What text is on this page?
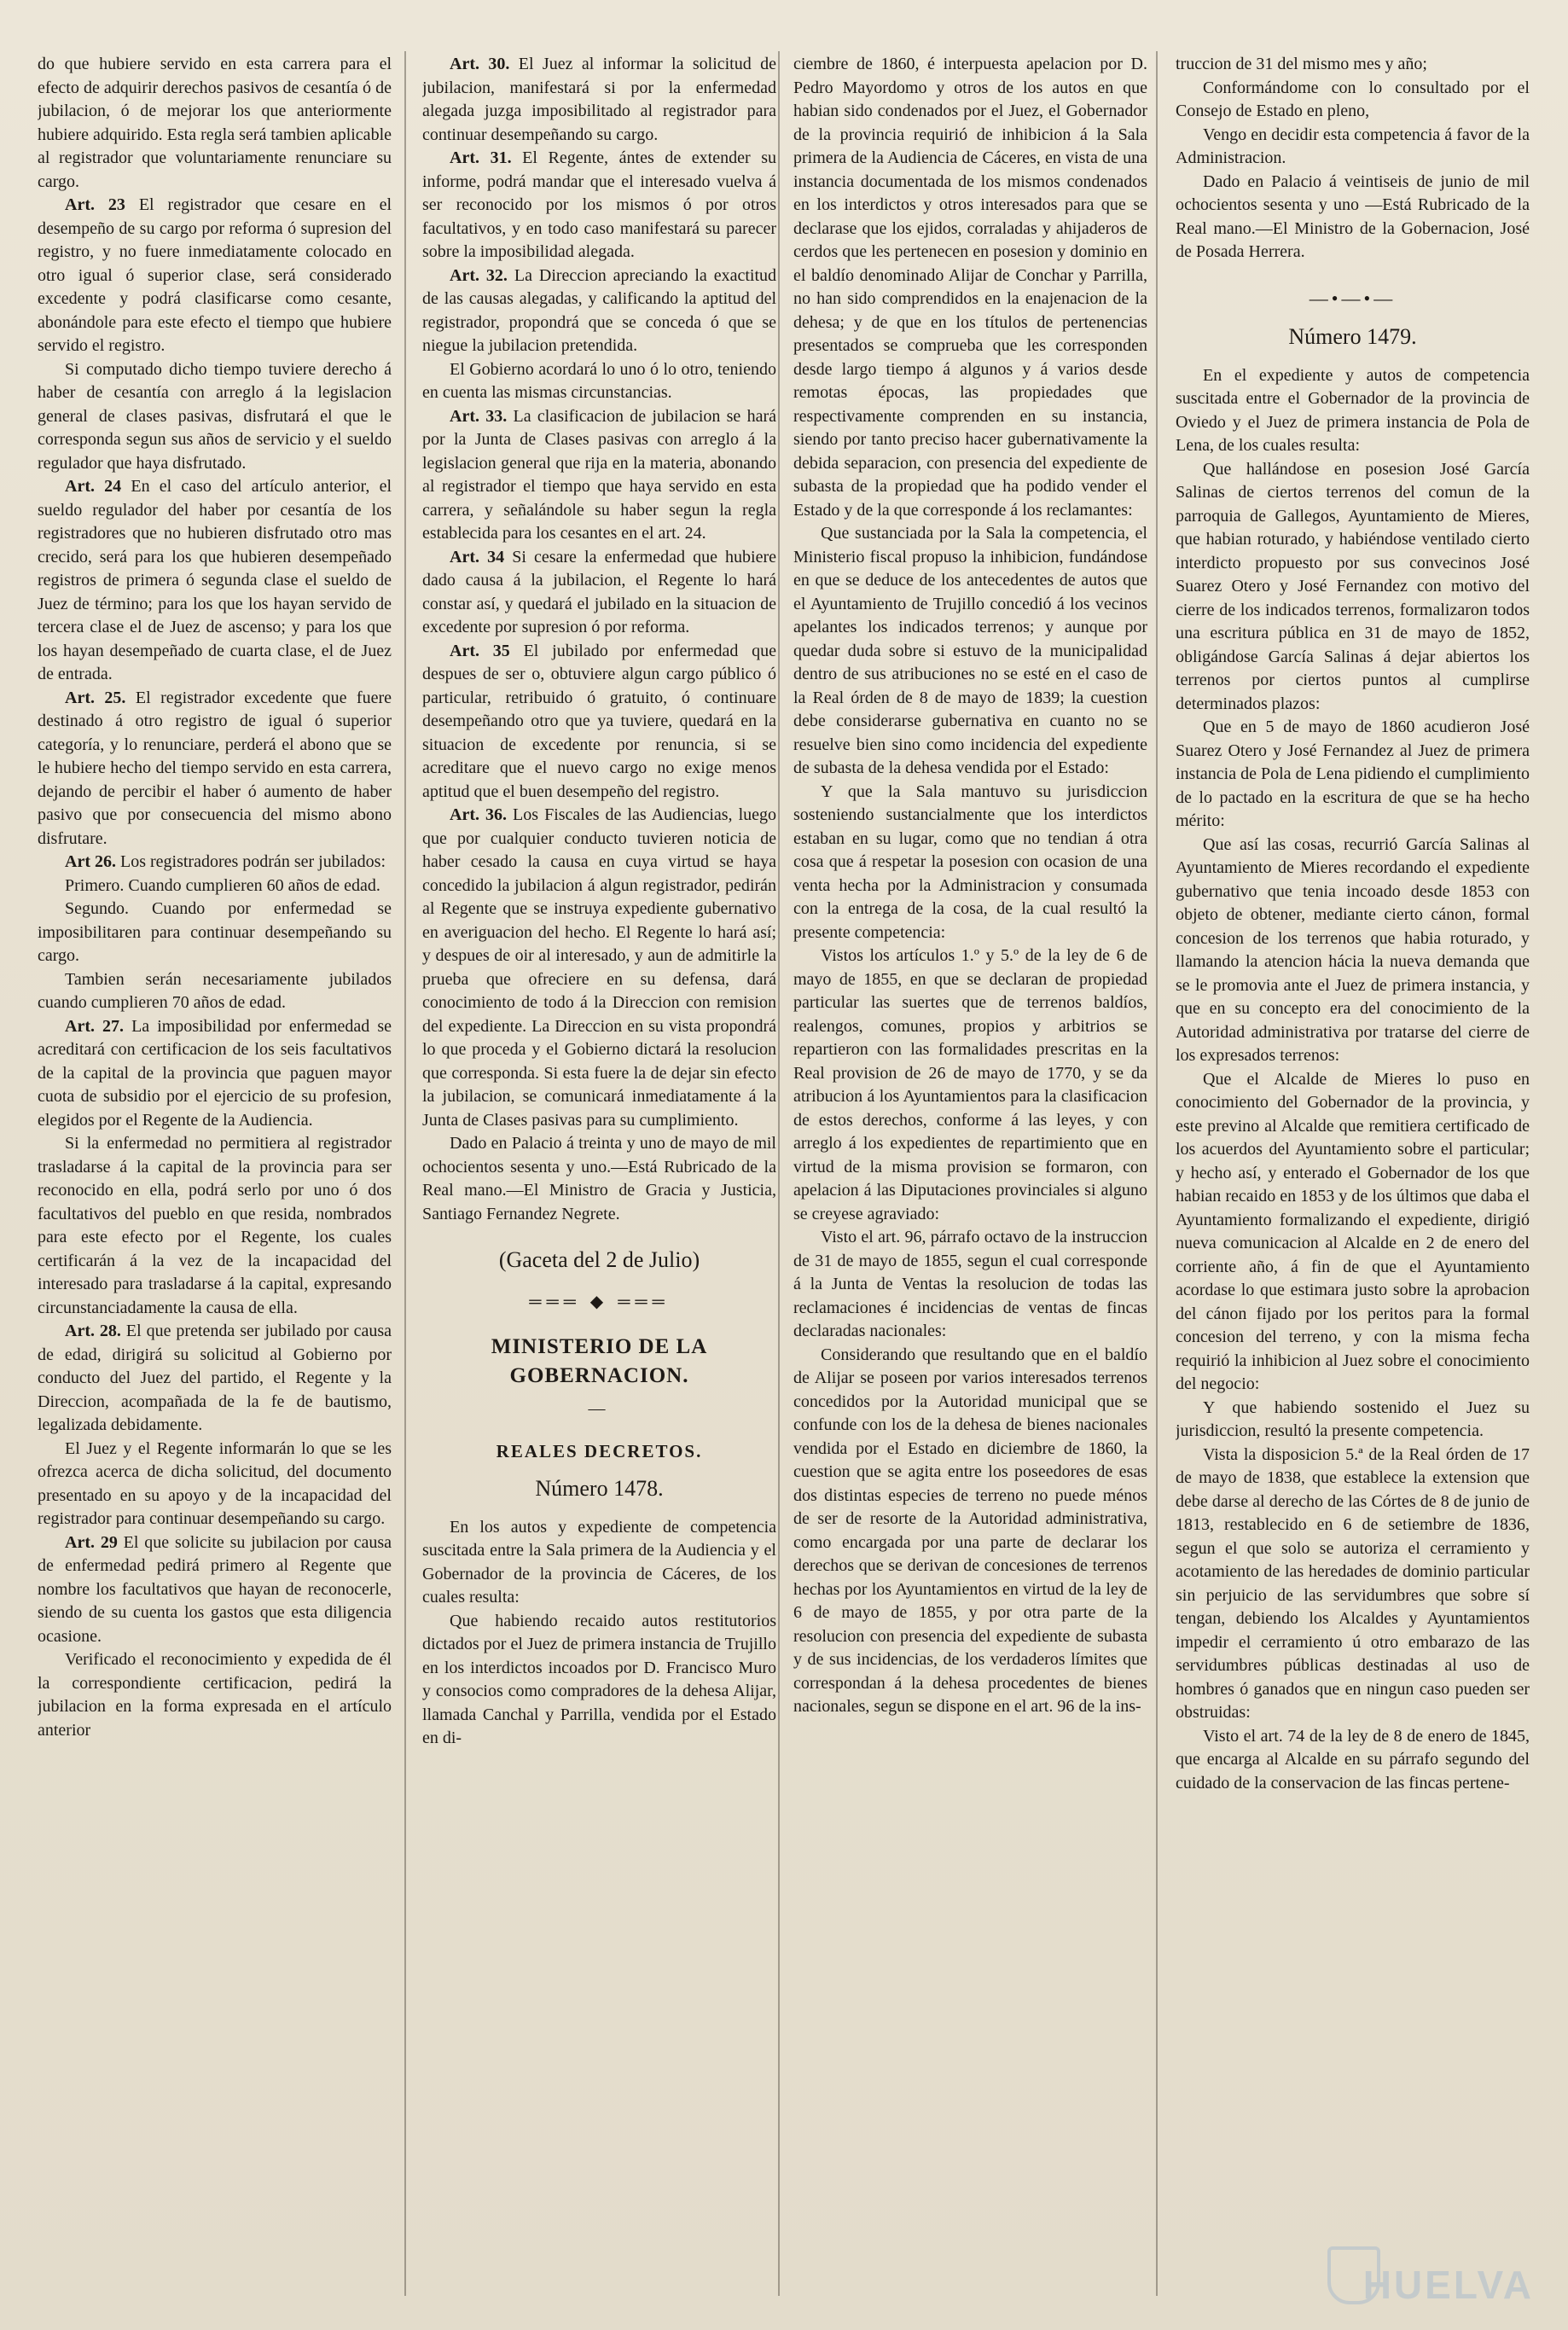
do que hubiere servido en esta carrera para el efecto de adquirir derechos pasivos de cesantía ó de jubilacion, ó de mejorar los que anteriormente hubiere adquirido. Esta regla será tambien aplicable al registrador que voluntariamente renunciare su cargo.

Art. 23 El registrador que cesare en el desempeño de su cargo por reforma ó supresion del registro, y no fuere inmediatamente colocado en otro igual ó superior clase, será considerado excedente y podrá clasificarse como cesante, abonándole para este efecto el tiempo que hubiere servido el registro.

Si computado dicho tiempo tuviere derecho á haber de cesantía con arreglo á la legislacion general de clases pasivas, disfrutará el que le corresponda segun sus años de servicio y el sueldo regulador que haya disfrutado.

Art. 24 En el caso del artículo anterior, el sueldo regulador del haber por cesantía de los registradores que no hubieren disfrutado otro mas crecido, será para los que hubieren desempeñado registros de primera ó segunda clase el sueldo de Juez de término; para los que los hayan servido de tercera clase el de Juez de ascenso; y para los que los hayan desempeñado de cuarta clase, el de Juez de entrada.

Art. 25. El registrador excedente que fuere destinado á otro registro de igual ó superior categoría, y lo renunciare, perderá el abono que se le hubiere hecho del tiempo servido en esta carrera, dejando de percibir el haber ó aumento de haber pasivo que por consecuencia del mismo abono disfrutare.

Art 26. Los registradores podrán ser jubilados:

Primero. Cuando cumplieren 60 años de edad.

Segundo. Cuando por enfermedad se imposibilitaren para continuar desempeñando su cargo.

Tambien serán necesariamente jubilados cuando cumplieren 70 años de edad.

Art. 27. La imposibilidad por enfermedad se acreditará con certificacion de los seis facultativos de la capital de la provincia que paguen mayor cuota de subsidio por el ejercicio de su profesion, elegidos por el Regente de la Audiencia.

Si la enfermedad no permitiera al registrador trasladarse á la capital de la provincia para ser reconocido en ella, podrá serlo por uno ó dos facultativos del pueblo en que resida, nombrados para este efecto por el Regente, los cuales certificarán á la vez de la incapacidad del interesado para trasladarse á la capital, expresando circunstanciadamente la causa de ella.

Art. 28. El que pretenda ser jubilado por causa de edad, dirigirá su solicitud al Gobierno por conducto del Juez del partido, el Regente y la Direccion, acompañada de la fe de bautismo, legalizada debidamente.

El Juez y el Regente informarán lo que se les ofrezca acerca de dicha solicitud, del documento presentado en su apoyo y de la incapacidad del registrador para continuar desempeñando su cargo.

Art. 29 El que solicite su jubilacion por causa de enfermedad pedirá primero al Regente que nombre los facultativos que hayan de reconocerle, siendo de su cuenta los gastos que esta diligencia ocasione.

Verificado el reconocimiento y expedida de él la correspondiente certificacion, pedirá la jubilacion en la forma expresada en el artículo anterior

Art. 30. El Juez al informar la solicitud de jubilacion, manifestará si por la enfermedad alegada juzga imposibilitado al registrador para continuar desempeñando su cargo.

Art. 31. El Regente, ántes de extender su informe, podrá mandar que el interesado vuelva á ser reconocido por los mismos ó por otros facultativos, y en todo caso manifestará su parecer sobre la imposibilidad alegada.

Art. 32. La Direccion apreciando la exactitud de las causas alegadas, y calificando la aptitud del registrador, propondrá que se conceda ó que se niegue la jubilacion pretendida.

El Gobierno acordará lo uno ó lo otro, teniendo en cuenta las mismas circunstancias.

Art. 33. La clasificacion de jubilacion se hará por la Junta de Clases pasivas con arreglo á la legislacion general que rija en la materia, abonando al registrador el tiempo que haya servido en esta carrera, y señalándole su haber segun la regla establecida para los cesantes en el art. 24.

Art. 34 Si cesare la enfermedad que hubiere dado causa á la jubilacion, el Regente lo hará constar así, y quedará el jubilado en la situacion de excedente por supresion ó por reforma.

Art. 35 El jubilado por enfermedad que despues de ser o, obtuviere algun cargo público ó particular, retribuido ó gratuito, ó continuare desempeñando otro que ya tuviere, quedará en la situacion de excedente por renuncia, si se acreditare que el nuevo cargo no exige menos aptitud que el buen desempeño del registro.

Art. 36. Los Fiscales de las Audiencias, luego que por cualquier conducto tuvieren noticia de haber cesado la causa en cuya virtud se haya concedido la jubilacion á algun registrador, pedirán al Regente que se instruya expediente gubernativo en averiguacion del hecho. El Regente lo hará así; y despues de oir al interesado, y aun de admitirle la prueba que ofreciere en su defensa, dará conocimiento de todo á la Direccion con remision del expediente. La Direccion en su vista propondrá lo que proceda y el Gobierno dictará la resolucion que corresponda. Si esta fuere la de dejar sin efecto la jubilacion, se comunicará inmediatamente á la Junta de Clases pasivas para su cumplimiento.

Dado en Palacio á treinta y uno de mayo de mil ochocientos sesenta y uno.—Está Rubricado de la Real mano.—El Ministro de Gracia y Justicia, Santiago Fernandez Negrete.

(Gaceta del 2 de Julio)

═══ ◆ ═══

MINISTERIO DE LA GOBERNACION.

—

REALES DECRETOS.

Número 1478.

En los autos y expediente de competencia suscitada entre la Sala primera de la Audiencia y el Gobernador de la provincia de Cáceres, de los cuales resulta:

Que habiendo recaido autos restitutorios dictados por el Juez de primera instancia de Trujillo en los interdictos incoados por D. Francisco Muro y consocios como compradores de la dehesa Alijar, llamada Canchal y Parrilla, vendida por el Estado en di-

ciembre de 1860, é interpuesta apelacion por D. Pedro Mayordomo y otros de los autos en que habian sido condenados por el Juez, el Gobernador de la provincia requirió de inhibicion á la Sala primera de la Audiencia de Cáceres, en vista de una instancia documentada de los mismos condenados en los interdictos y otros interesados para que se declarase que los ejidos, corraladas y ahijaderos de cerdos que les pertenecen en posesion y dominio en el baldío denominado Alijar de Conchar y Parrilla, no han sido comprendidos en la enajenacion de la dehesa; y de que en los títulos de pertenencias presentados se comprueba que les corresponden desde largo tiempo á algunos y á varios desde remotas épocas, las propiedades que respectivamente comprenden en su instancia, siendo por tanto preciso hacer gubernativamente la debida separacion, con presencia del expediente de subasta de la propiedad que ha podido vender el Estado y de la que corresponde á los reclamantes:

Que sustanciada por la Sala la competencia, el Ministerio fiscal propuso la inhibicion, fundándose en que se deduce de los antecedentes de autos que el Ayuntamiento de Trujillo concedió á los vecinos apelantes los indicados terrenos; y aunque por quedar duda sobre si estuvo de la municipalidad dentro de sus atribuciones no se esté en el caso de la Real órden de 8 de mayo de 1839; la cuestion debe considerarse gubernativa en cuanto no se resuelve bien sino como incidencia del expediente de subasta de la dehesa vendida por el Estado:

Y que la Sala mantuvo su jurisdiccion sosteniendo sustancialmente que los interdictos estaban en su lugar, como que no tendian á otra cosa que á respetar la posesion con ocasion de una venta hecha por la Administracion y consumada con la entrega de la cosa, de la cual resultó la presente competencia:

Vistos los artículos 1.º y 5.º de la ley de 6 de mayo de 1855, en que se declaran de propiedad particular las suertes que de terrenos baldíos, realengos, comunes, propios y arbitrios se repartieron con las formalidades prescritas en la Real provision de 26 de mayo de 1770, y se da atribucion á los Ayuntamientos para la clasificacion de estos derechos, conforme á las leyes, y con arreglo á los expedientes de repartimiento que en virtud de la misma provision se formaron, con apelacion á las Diputaciones provinciales si alguno se creyese agraviado:

Visto el art. 96, párrafo octavo de la instruccion de 31 de mayo de 1855, segun el cual corresponde á la Junta de Ventas la resolucion de todas las reclamaciones é incidencias de ventas de fincas declaradas nacionales:

Considerando que resultando que en el baldío de Alijar se poseen por varios interesados terrenos concedidos por la Autoridad municipal que se confunde con los de la dehesa de bienes nacionales vendida por el Estado en diciembre de 1860, la cuestion que se agita entre los poseedores de esas dos distintas especies de terreno no puede ménos de ser de resorte de la Autoridad administrativa, como encargada por una parte de declarar los derechos que se derivan de concesiones de terrenos hechas por los Ayuntamientos en virtud de la ley de 6 de mayo de 1855, y por otra parte de la resolucion con presencia del expediente de subasta y de sus incidencias, de los verdaderos límites que correspondan á la dehesa procedentes de bienes nacionales, segun se dispone en el art. 96 de la ins-

truccion de 31 del mismo mes y año;

Conformándome con lo consultado por el Consejo de Estado en pleno,

Vengo en decidir esta competencia á favor de la Administracion.

Dado en Palacio á veintiseis de junio de mil ochocientos sesenta y uno —Está Rubricado de la Real mano.—El Ministro de la Gobernacion, José de Posada Herrera.

—•—•—

Número 1479.

En el expediente y autos de competencia suscitada entre el Gobernador de la provincia de Oviedo y el Juez de primera instancia de Pola de Lena, de los cuales resulta:

Que hallándose en posesion José García Salinas de ciertos terrenos del comun de la parroquia de Gallegos, Ayuntamiento de Mieres, que habian roturado, y habiéndose ventilado cierto interdicto propuesto por sus convecinos José Suarez Otero y José Fernandez con motivo del cierre de los indicados terrenos, formalizaron todos una escritura pública en 31 de mayo de 1852, obligándose García Salinas á dejar abiertos los terrenos por ciertos puntos al cumplirse determinados plazos:

Que en 5 de mayo de 1860 acudieron José Suarez Otero y José Fernandez al Juez de primera instancia de Pola de Lena pidiendo el cumplimiento de lo pactado en la escritura de que se ha hecho mérito:

Que así las cosas, recurrió García Salinas al Ayuntamiento de Mieres recordando el expediente gubernativo que tenia incoado desde 1853 con objeto de obtener, mediante cierto cánon, formal concesion de los terrenos que habia roturado, y llamando la atencion hácia la nueva demanda que se le promovia ante el Juez de primera instancia, y que en su concepto era del conocimiento de la Autoridad administrativa por tratarse del cierre de los expresados terrenos:

Que el Alcalde de Mieres lo puso en conocimiento del Gobernador de la provincia, y este previno al Alcalde que remitiera certificado de los acuerdos del Ayuntamiento sobre el particular; y hecho así, y enterado el Gobernador de los que habian recaido en 1853 y de los últimos que daba el Ayuntamiento formalizando el expediente, dirigió nueva comunicacion al Alcalde en 2 de enero del corriente año, á fin de que el Ayuntamiento acordase lo que estimara justo sobre la aprobacion del cánon fijado por los peritos para la formal concesion del terreno, y con la misma fecha requirió la inhibicion al Juez sobre el conocimiento del negocio:

Y que habiendo sostenido el Juez su jurisdiccion, resultó la presente competencia.

Vista la disposicion 5.ª de la Real órden de 17 de mayo de 1838, que establece la extension que debe darse al derecho de las Córtes de 8 de junio de 1813, restablecido en 6 de setiembre de 1836, segun el que solo se autoriza el cerramiento y acotamiento de las heredades de dominio particular sin perjuicio de las servidumbres que sobre sí tengan, debiendo los Alcaldes y Ayuntamientos impedir el cerramiento ú otro embarazo de las servidumbres públicas destinadas al uso de hombres ó ganados que en ningun caso pueden ser obstruidas:

Visto el art. 74 de la ley de 8 de enero de 1845, que encarga al Alcalde en su párrafo segundo del cuidado de la conservacion de las fincas pertene-

HUELVA
